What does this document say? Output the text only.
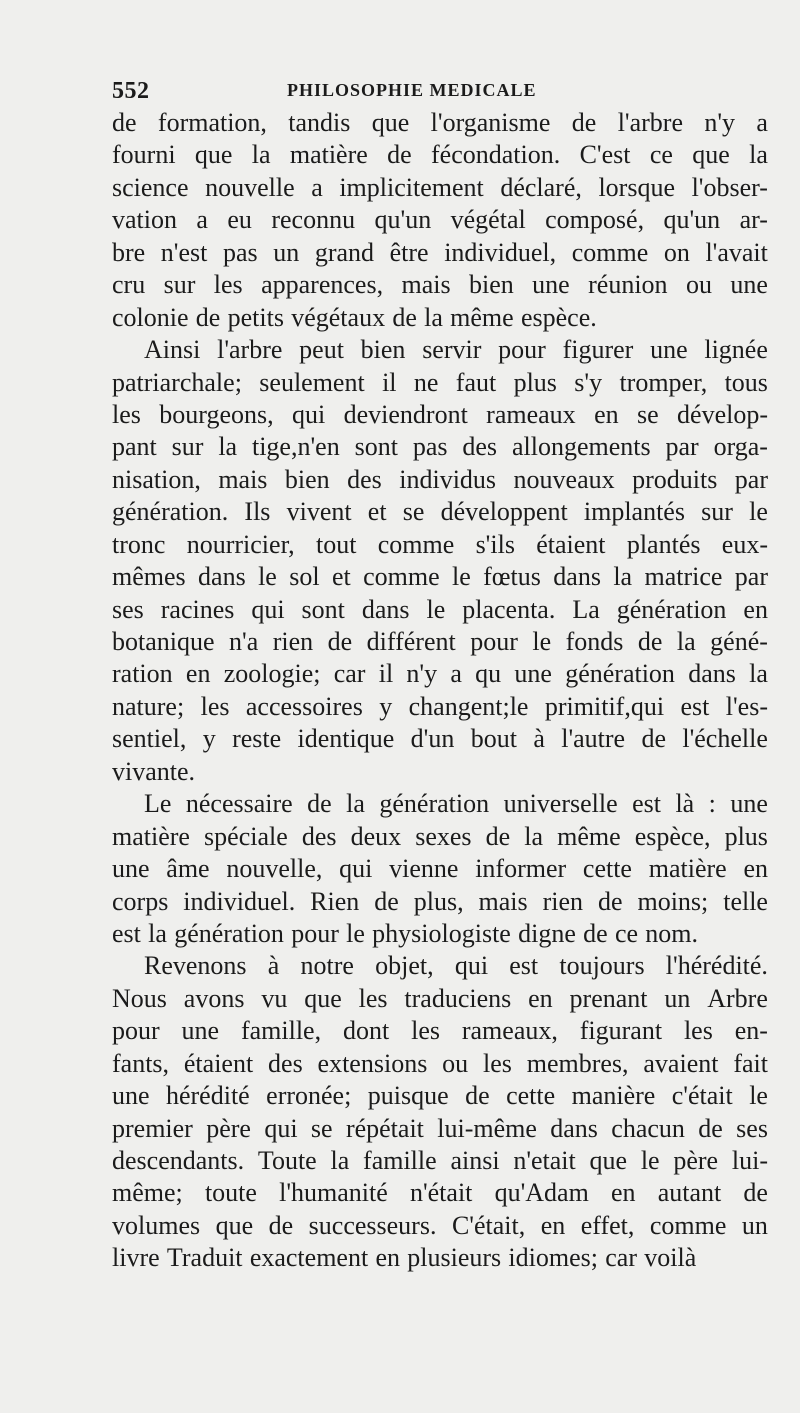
552	PHILOSOPHIE MEDICALE
de formation, tandis que l'organisme de l'arbre n'y a
fourni que la matière de fécondation. C'est ce que la
science nouvelle a implicitement déclaré, lorsque l'obser-
vation a eu reconnu qu'un végétal composé, qu'un ar-
bre n'est pas un grand être individuel, comme on l'avait
cru sur les apparences, mais bien une réunion ou une
colonie de petits végétaux de la même espèce.
Ainsi l'arbre peut bien servir pour figurer une lignée
patriarchale; seulement il ne faut plus s'y tromper, tous
les bourgeons, qui deviendront rameaux en se dévelop-
pant sur la tige,n'en sont pas des allongements par orga-
nisation, mais bien des individus nouveaux produits par
génération. Ils vivent et se développent implantés sur le
tronc nourricier, tout comme s'ils étaient plantés eux-
mêmes dans le sol et comme le fœtus dans la matrice par
ses racines qui sont dans le placenta. La génération en
botanique n'a rien de différent pour le fonds de la géné-
ration en zoologie; car il n'y a qu une génération dans la
nature; les accessoires y changent;le primitif,qui est l'es-
sentiel, y reste identique d'un bout à l'autre de l'échelle
vivante.
Le nécessaire de la génération universelle est là : une
matière spéciale des deux sexes de la même espèce, plus
une âme nouvelle, qui vienne informer cette matière en
corps individuel. Rien de plus, mais rien de moins; telle
est la génération pour le physiologiste digne de ce nom.
Revenons à notre objet, qui est toujours l'hérédité.
Nous avons vu que les traduciens en prenant un Arbre
pour une famille, dont les rameaux, figurant les en-
fants, étaient des extensions ou les membres, avaient fait
une hérédité erronée; puisque de cette manière c'était le
premier père qui se répétait lui-même dans chacun de ses
descendants. Toute la famille ainsi n'etait que le père lui-
même; toute l'humanité n'était qu'Adam en autant de
volumes que de successeurs. C'était, en effet, comme un
livre Traduit exactement en plusieurs idiomes; car voilà
